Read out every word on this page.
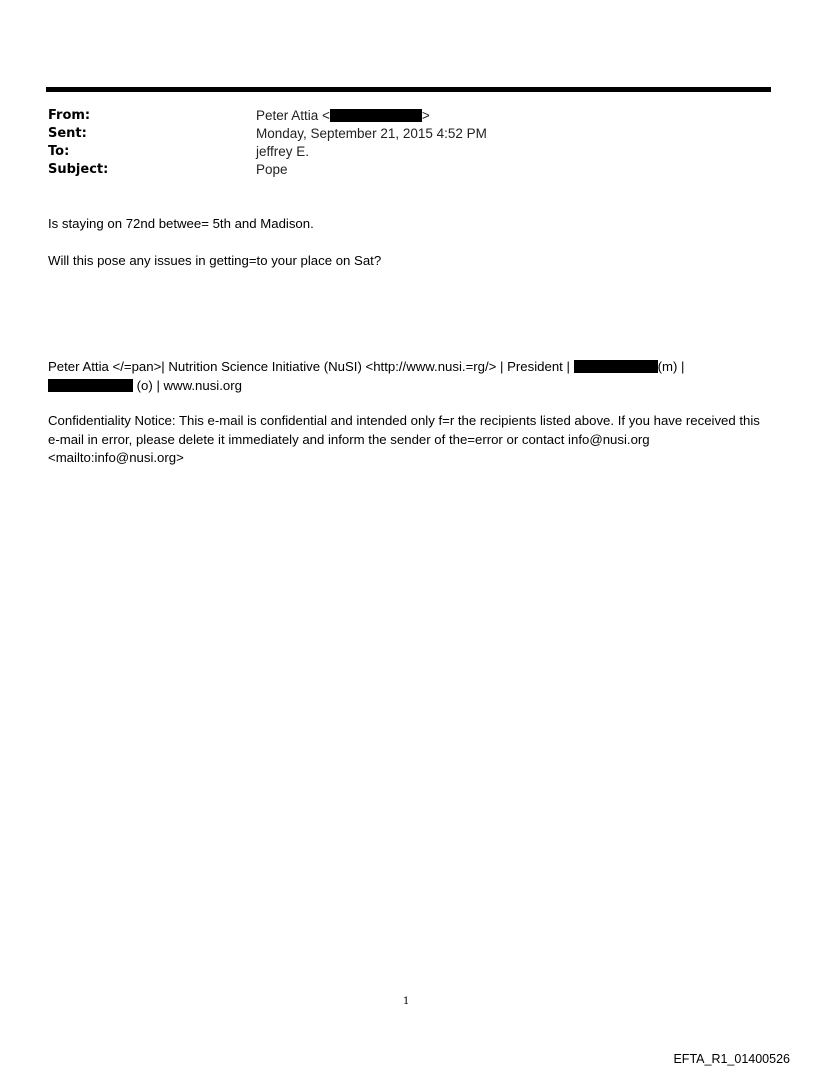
From:	Peter Attia <	>
Sent:	Monday, September 21, 2015 4:52 PM
To:	jeffrey E.
Subject:	Pope
Is staying on 72nd betwee= 5th and Madison.
Will this pose any issues in getting=to your place on Sat?
Peter Attia </=pan>| Nutrition Science Initiative (NuSI) <http://www.nusi.=rg/> | President |	(m) |
(o) | www.nusi.org
Confidentiality Notice: This e-mail is confidential and intended only f=r the recipients listed above. If you have received this e-mail in error, please delete it immediately and inform the sender of the=error or contact info@nusi.org <mailto:info@nusi.org>
1
EFTA_R1_01400526
